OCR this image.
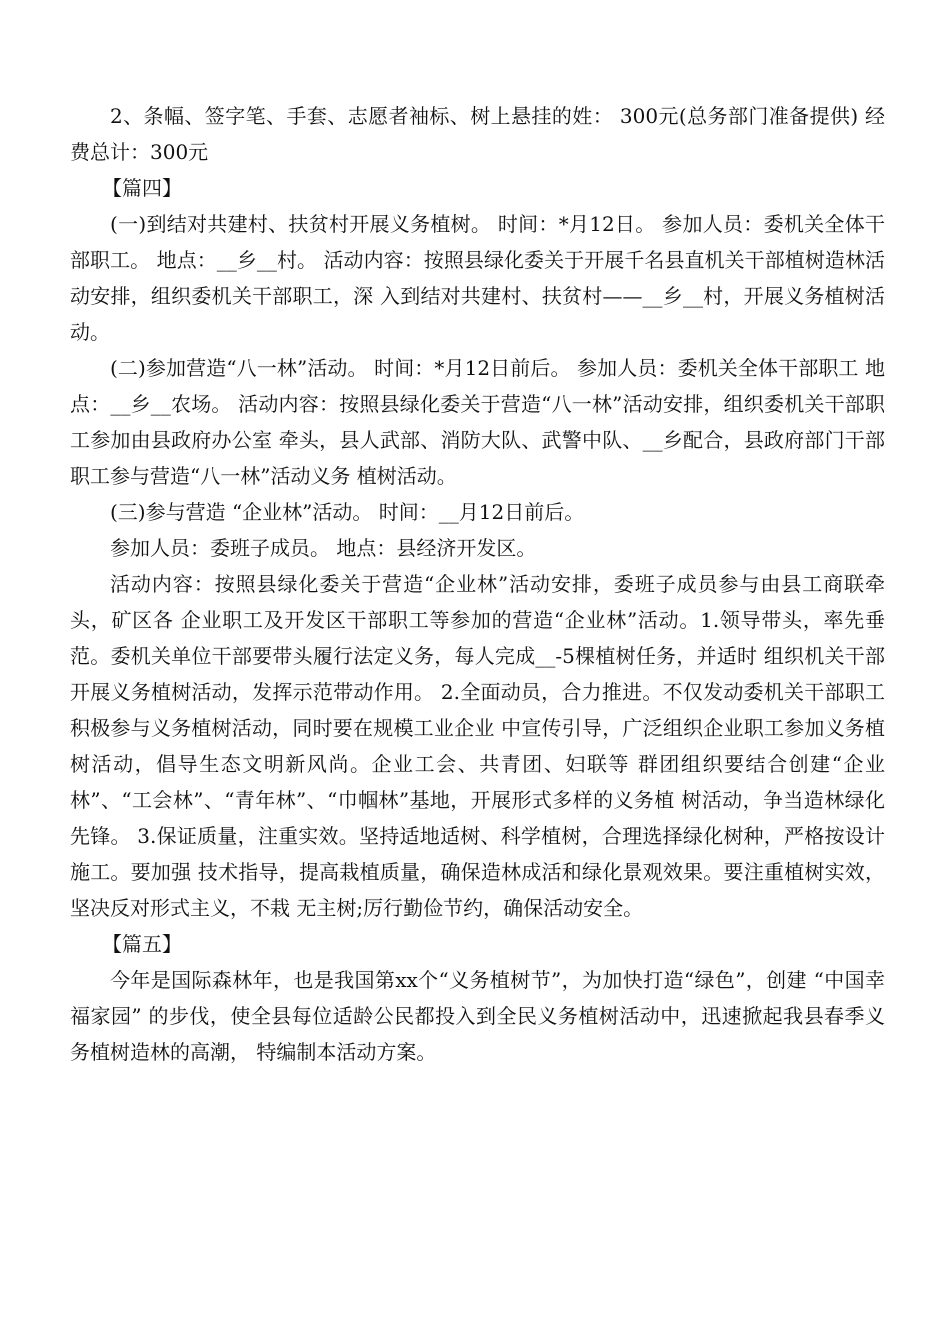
2、条幅、签字笔、手套、志愿者袖标、树上悬挂的姓： 300元(总务部门准备提供) 经费总计：300元

【篇四】

(一)到结对共建村、扶贫村开展义务植树。 时间：*月12日。 参加人员：委机关全体干部职工。 地点：__乡__村。 活动内容：按照县绿化委关于开展千名县直机关干部植树造林活动安排，组织委机关干部职工，深 入到结对共建村、扶贫村——__乡__村，开展义务植树活动。

(二)参加营造“八一林”活动。 时间：*月12日前后。 参加人员：委机关全体干部职工 地点：__乡__农场。 活动内容：按照县绿化委关于营造“八一林”活动安排，组织委机关干部职工参加由县政府办公室 牵头，县人武部、消防大队、武警中队、__乡配合，县政府部门干部职工参与营造“八一林”活动义务 植树活动。

(三)参与营造 “企业林”活动。 时间：__月12日前后。

参加人员：委班子成员。 地点：县经济开发区。

活动内容：按照县绿化委关于营造“企业林”活动安排，委班子成员参与由县工商联牵头，矿区各 企业职工及开发区干部职工等参加的营造“企业林”活动。1.领导带头，率先垂范。委机关单位干部要带头履行法定义务，每人完成__-5棵植树任务，并适时 组织机关干部开展义务植树活动，发挥示范带动作用。 2.全面动员，合力推进。不仅发动委机关干部职工积极参与义务植树活动，同时要在规模工业企业 中宣传引导，广泛组织企业职工参加义务植树活动，倡导生态文明新风尚。企业工会、共青团、妇联等 群团组织要结合创建“企业林”、“工会林”、“青年林”、“巾帼林”基地，开展形式多样的义务植 树活动，争当造林绿化先锋。 3.保证质量，注重实效。坚持适地适树、科学植树，合理选择绿化树种，严格按设计施工。要加强 技术指导，提高栽植质量，确保造林成活和绿化景观效果。要注重植树实效，坚决反对形式主义，不栽 无主树;厉行勤俭节约，确保活动安全。

【篇五】

今年是国际森林年，也是我国第xx个“义务植树节”，为加快打造“绿色”，创建 “中国幸福家园” 的步伐，使全县每位适龄公民都投入到全民义务植树活动中，迅速掀起我县春季义务植树造林的高潮， 特编制本活动方案。
